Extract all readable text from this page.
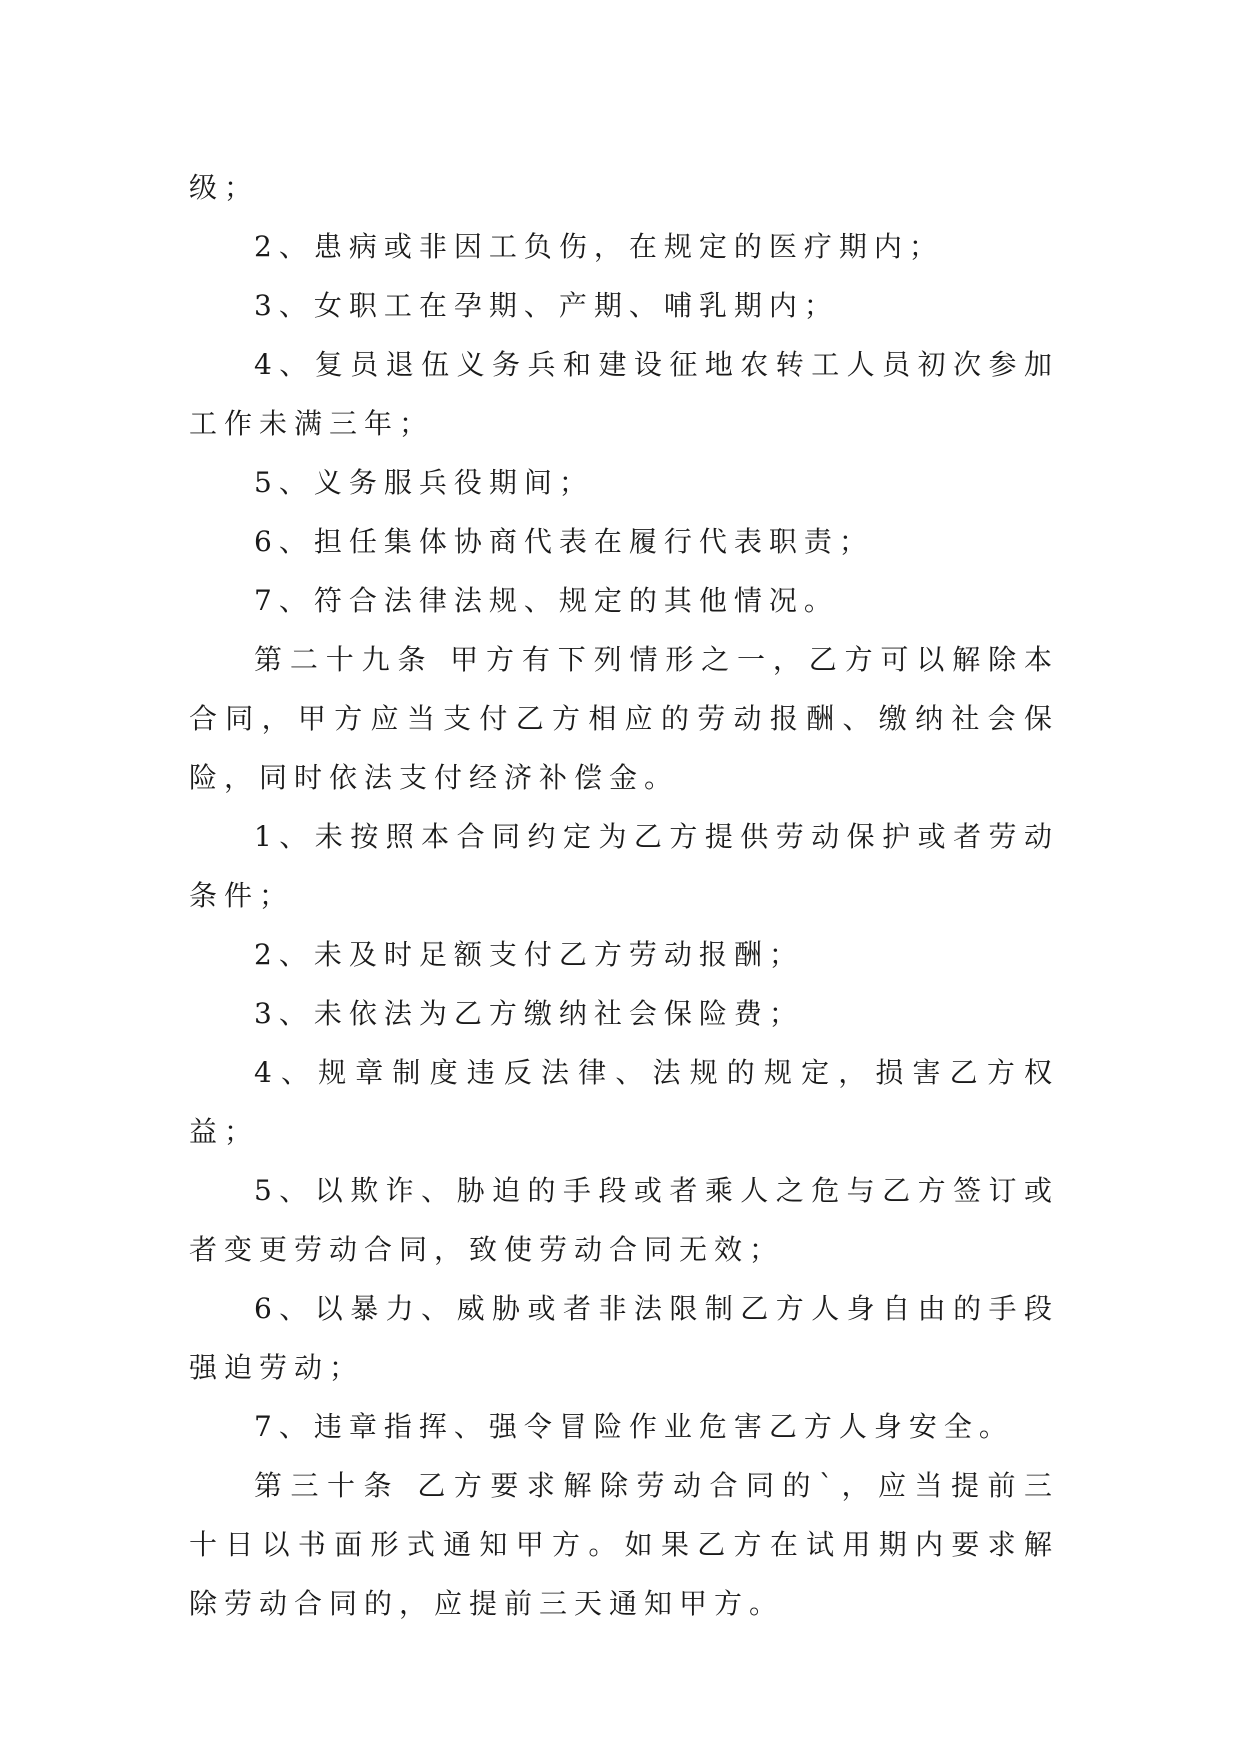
级；

2、患病或非因工负伤，在规定的医疗期内；

3、女职工在孕期、产期、哺乳期内；

4、复员退伍义务兵和建设征地农转工人员初次参加工作未满三年；

5、义务服兵役期间；

6、担任集体协商代表在履行代表职责；

7、符合法律法规、规定的其他情况。

第二十九条 甲方有下列情形之一，乙方可以解除本合同，甲方应当支付乙方相应的劳动报酬、缴纳社会保险，同时依法支付经济补偿金。

1、未按照本合同约定为乙方提供劳动保护或者劳动条件；

2、未及时足额支付乙方劳动报酬；

3、未依法为乙方缴纳社会保险费；

4、规章制度违反法律、法规的规定，损害乙方权益；

5、以欺诈、胁迫的手段或者乘人之危与乙方签订或者变更劳动合同，致使劳动合同无效；

6、以暴力、威胁或者非法限制乙方人身自由的手段强迫劳动；

7、违章指挥、强令冒险作业危害乙方人身安全。

第三十条 乙方要求解除劳动合同的`，应当提前三十日以书面形式通知甲方。如果乙方在试用期内要求解除劳动合同的，应提前三天通知甲方。
